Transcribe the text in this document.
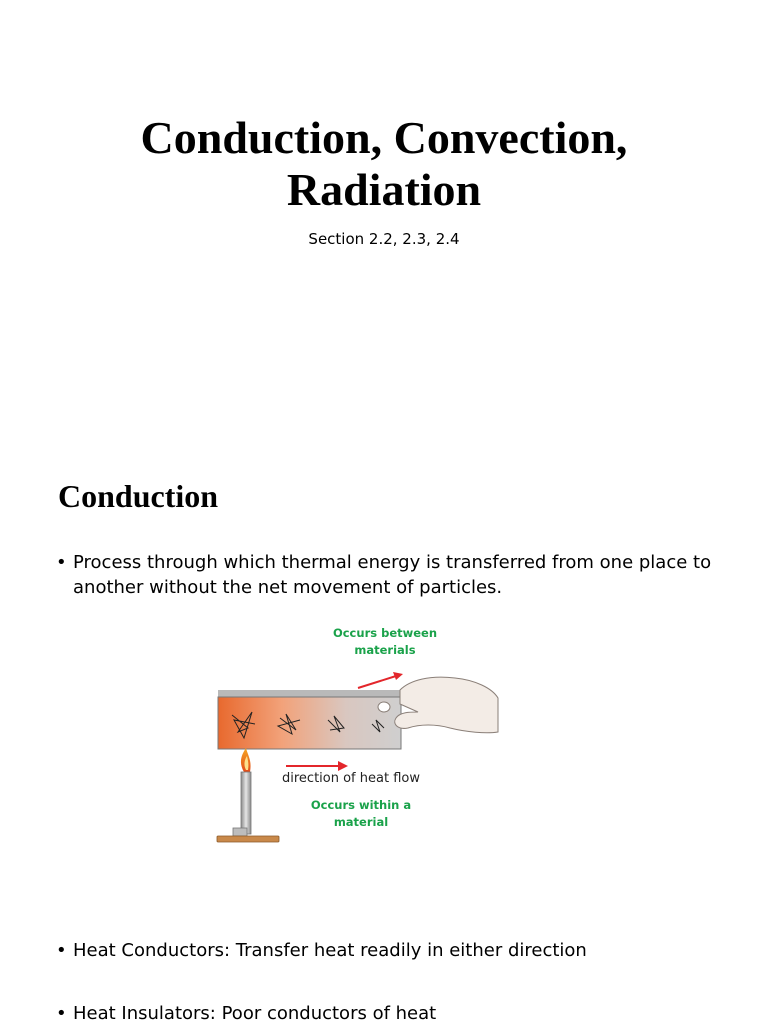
Conduction, Convection,
Radiation

Section 2.2, 2.3, 2.4

Conduction

• Process through which thermal energy is transferred from one place to another without the net movement of particles.

Occurs between materials
direction of heat flow
Occurs within a material

• Heat Conductors: Transfer heat readily in either direction

• Heat Insulators: Poor conductors of heat
